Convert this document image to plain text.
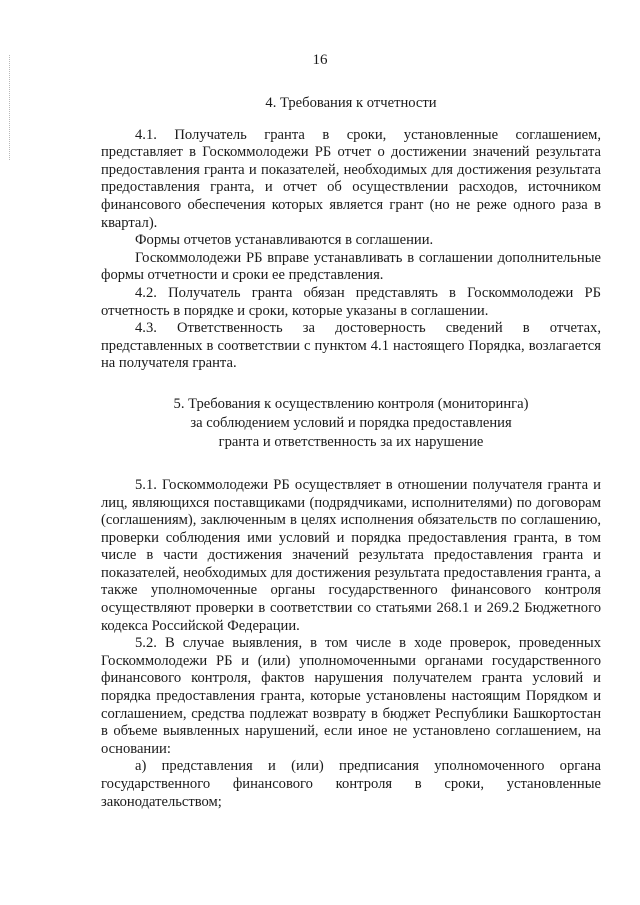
16
4. Требования к отчетности

4.1. Получатель гранта в сроки, установленные соглашением, представляет в Госкоммолодежи РБ отчет о достижении значений результата предоставления гранта и показателей, необходимых для достижения результата предоставления гранта, и отчет об осуществлении расходов, источником финансового обеспечения которых является грант (но не реже одного раза в квартал).

Формы отчетов устанавливаются в соглашении.

Госкоммолодежи РБ вправе устанавливать в соглашении дополнительные формы отчетности и сроки ее представления.

4.2. Получатель гранта обязан представлять в Госкоммолодежи РБ отчетность в порядке и сроки, которые указаны в соглашении.

4.3. Ответственность за достоверность сведений в отчетах, представленных в соответствии с пунктом 4.1 настоящего Порядка, возлагается на получателя гранта.

5. Требования к осуществлению контроля (мониторинга)
за соблюдением условий и порядка предоставления
гранта и ответственность за их нарушение

5.1. Госкоммолодежи РБ осуществляет в отношении получателя гранта и лиц, являющихся поставщиками (подрядчиками, исполнителями) по договорам (соглашениям), заключенным в целях исполнения обязательств по соглашению, проверки соблюдения ими условий и порядка предоставления гранта, в том числе в части достижения значений результата предоставления гранта и показателей, необходимых для достижения результата предоставления гранта, а также уполномоченные органы государственного финансового контроля осуществляют проверки в соответствии со статьями 268.1 и 269.2 Бюджетного кодекса Российской Федерации.

5.2. В случае выявления, в том числе в ходе проверок, проведенных Госкоммолодежи РБ и (или) уполномоченными органами государственного финансового контроля, фактов нарушения получателем гранта условий и порядка предоставления гранта, которые установлены настоящим Порядком и соглашением, средства подлежат возврату в бюджет Республики Башкортостан в объеме выявленных нарушений, если иное не установлено соглашением, на основании:

а) представления и (или) предписания уполномоченного органа государственного финансового контроля в сроки, установленные законодательством;
